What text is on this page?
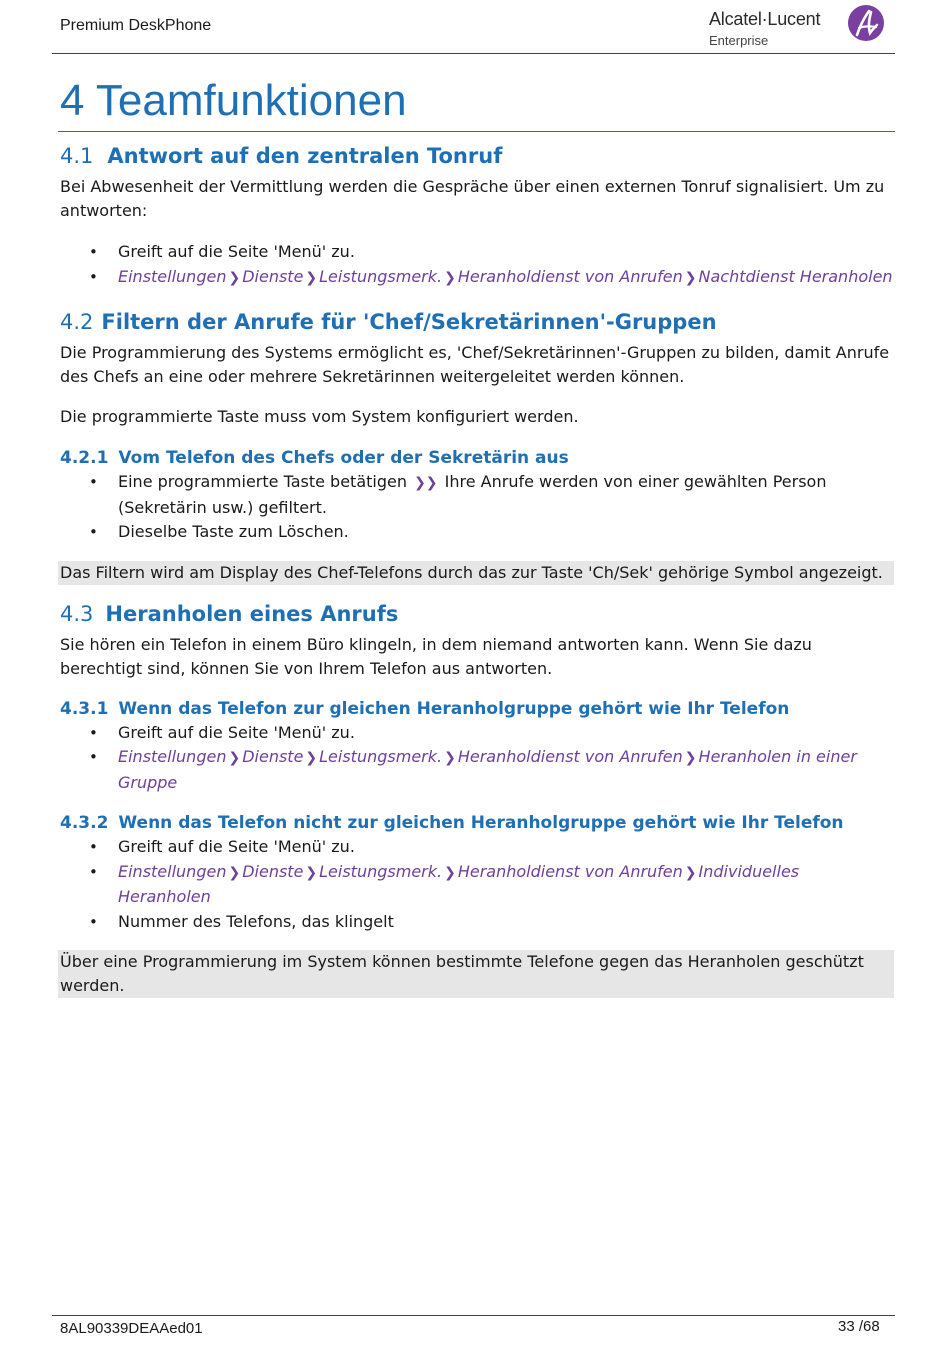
Premium DeskPhone	Alcatel·Lucent
Enterprise
4 Teamfunktionen
4.1 Antwort auf den zentralen Tonruf

Bei Abwesenheit der Vermittlung werden die Gespräche über einen externen Tonruf signalisiert. Um zu antworten:

• Greift auf die Seite 'Menü' zu.
• Einstellungen ❯ Dienste ❯ Leistungsmerk. ❯ Heranholdienst von Anrufen ❯ Nachtdienst Heranholen
4.2 Filtern der Anrufe für 'Chef/Sekretärinnen'-Gruppen

Die Programmierung des Systems ermöglicht es, 'Chef/Sekretärinnen'-Gruppen zu bilden, damit Anrufe des Chefs an eine oder mehrere Sekretärinnen weitergeleitet werden können.

Die programmierte Taste muss vom System konfiguriert werden.

4.2.1 Vom Telefon des Chefs oder der Sekretärin aus
• Eine programmierte Taste betätigen ❯❯ Ihre Anrufe werden von einer gewählten Person (Sekretärin usw.) gefiltert.
• Dieselbe Taste zum Löschen.

Das Filtern wird am Display des Chef-Telefons durch das zur Taste 'Ch/Sek' gehörige Symbol angezeigt.

4.3 Heranholen eines Anrufs

Sie hören ein Telefon in einem Büro klingeln, in dem niemand antworten kann. Wenn Sie dazu berechtigt sind, können Sie von Ihrem Telefon aus antworten.

4.3.1 Wenn das Telefon zur gleichen Heranholgruppe gehört wie Ihr Telefon
• Greift auf die Seite 'Menü' zu.
• Einstellungen ❯ Dienste ❯ Leistungsmerk. ❯ Heranholdienst von Anrufen ❯ Heranholen in einer Gruppe
4.3.2 Wenn das Telefon nicht zur gleichen Heranholgruppe gehört wie Ihr Telefon
• Greift auf die Seite 'Menü' zu.
• Einstellungen ❯ Dienste ❯ Leistungsmerk. ❯ Heranholdienst von Anrufen ❯ Individuelles Heranholen
• Nummer des Telefons, das klingelt

Über eine Programmierung im System können bestimmte Telefone gegen das Heranholen geschützt werden.

8AL90339DEAAed01	33 /68
